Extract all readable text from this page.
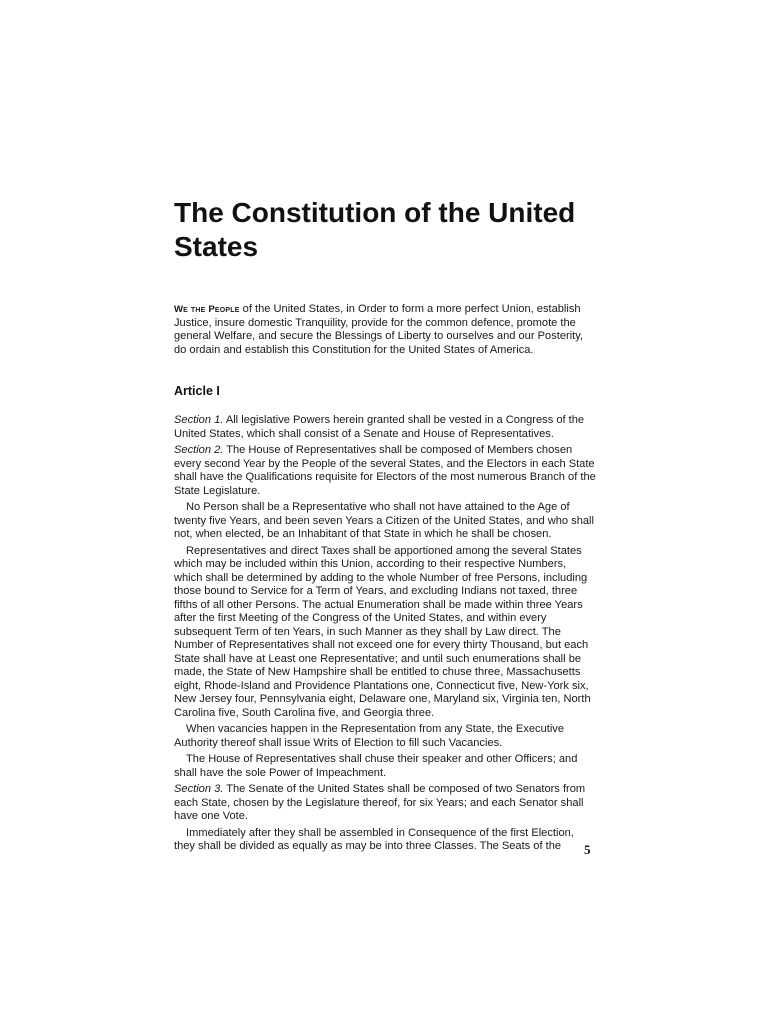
The Constitution of the United States
We the People of the United States, in Order to form a more perfect Union, establish Justice, insure domestic Tranquility, provide for the common defence, promote the general Welfare, and secure the Blessings of Liberty to ourselves and our Posterity, do ordain and establish this Constitution for the United States of America.
Article I

Section 1. All legislative Powers herein granted shall be vested in a Congress of the United States, which shall consist of a Senate and House of Representatives.

Section 2. The House of Representatives shall be composed of Members chosen every second Year by the People of the several States, and the Electors in each State shall have the Qualifications requisite for Electors of the most numerous Branch of the State Legislature.

No Person shall be a Representative who shall not have attained to the Age of twenty five Years, and been seven Years a Citizen of the United States, and who shall not, when elected, be an Inhabitant of that State in which he shall be chosen.

Representatives and direct Taxes shall be apportioned among the several States which may be included within this Union, according to their respective Numbers, which shall be determined by adding to the whole Number of free Persons, including those bound to Service for a Term of Years, and excluding Indians not taxed, three fifths of all other Persons. The actual Enumeration shall be made within three Years after the first Meeting of the Congress of the United States, and within every subsequent Term of ten Years, in such Manner as they shall by Law direct. The Number of Representatives shall not exceed one for every thirty Thousand, but each State shall have at Least one Representative; and until such enumerations shall be made, the State of New Hampshire shall be entitled to chuse three, Massachusetts eight, Rhode-Island and Providence Plantations one, Connecticut five, New-York six, New Jersey four, Pennsylvania eight, Delaware one, Maryland six, Virginia ten, North Carolina five, South Carolina five, and Georgia three.

When vacancies happen in the Representation from any State, the Executive Authority thereof shall issue Writs of Election to fill such Vacancies.

The House of Representatives shall chuse their speaker and other Officers; and shall have the sole Power of Impeachment.

Section 3. The Senate of the United States shall be composed of two Senators from each State, chosen by the Legislature thereof, for six Years; and each Senator shall have one Vote.

Immediately after they shall be assembled in Consequence of the first Election, they shall be divided as equally as may be into three Classes. The Seats of the	5
